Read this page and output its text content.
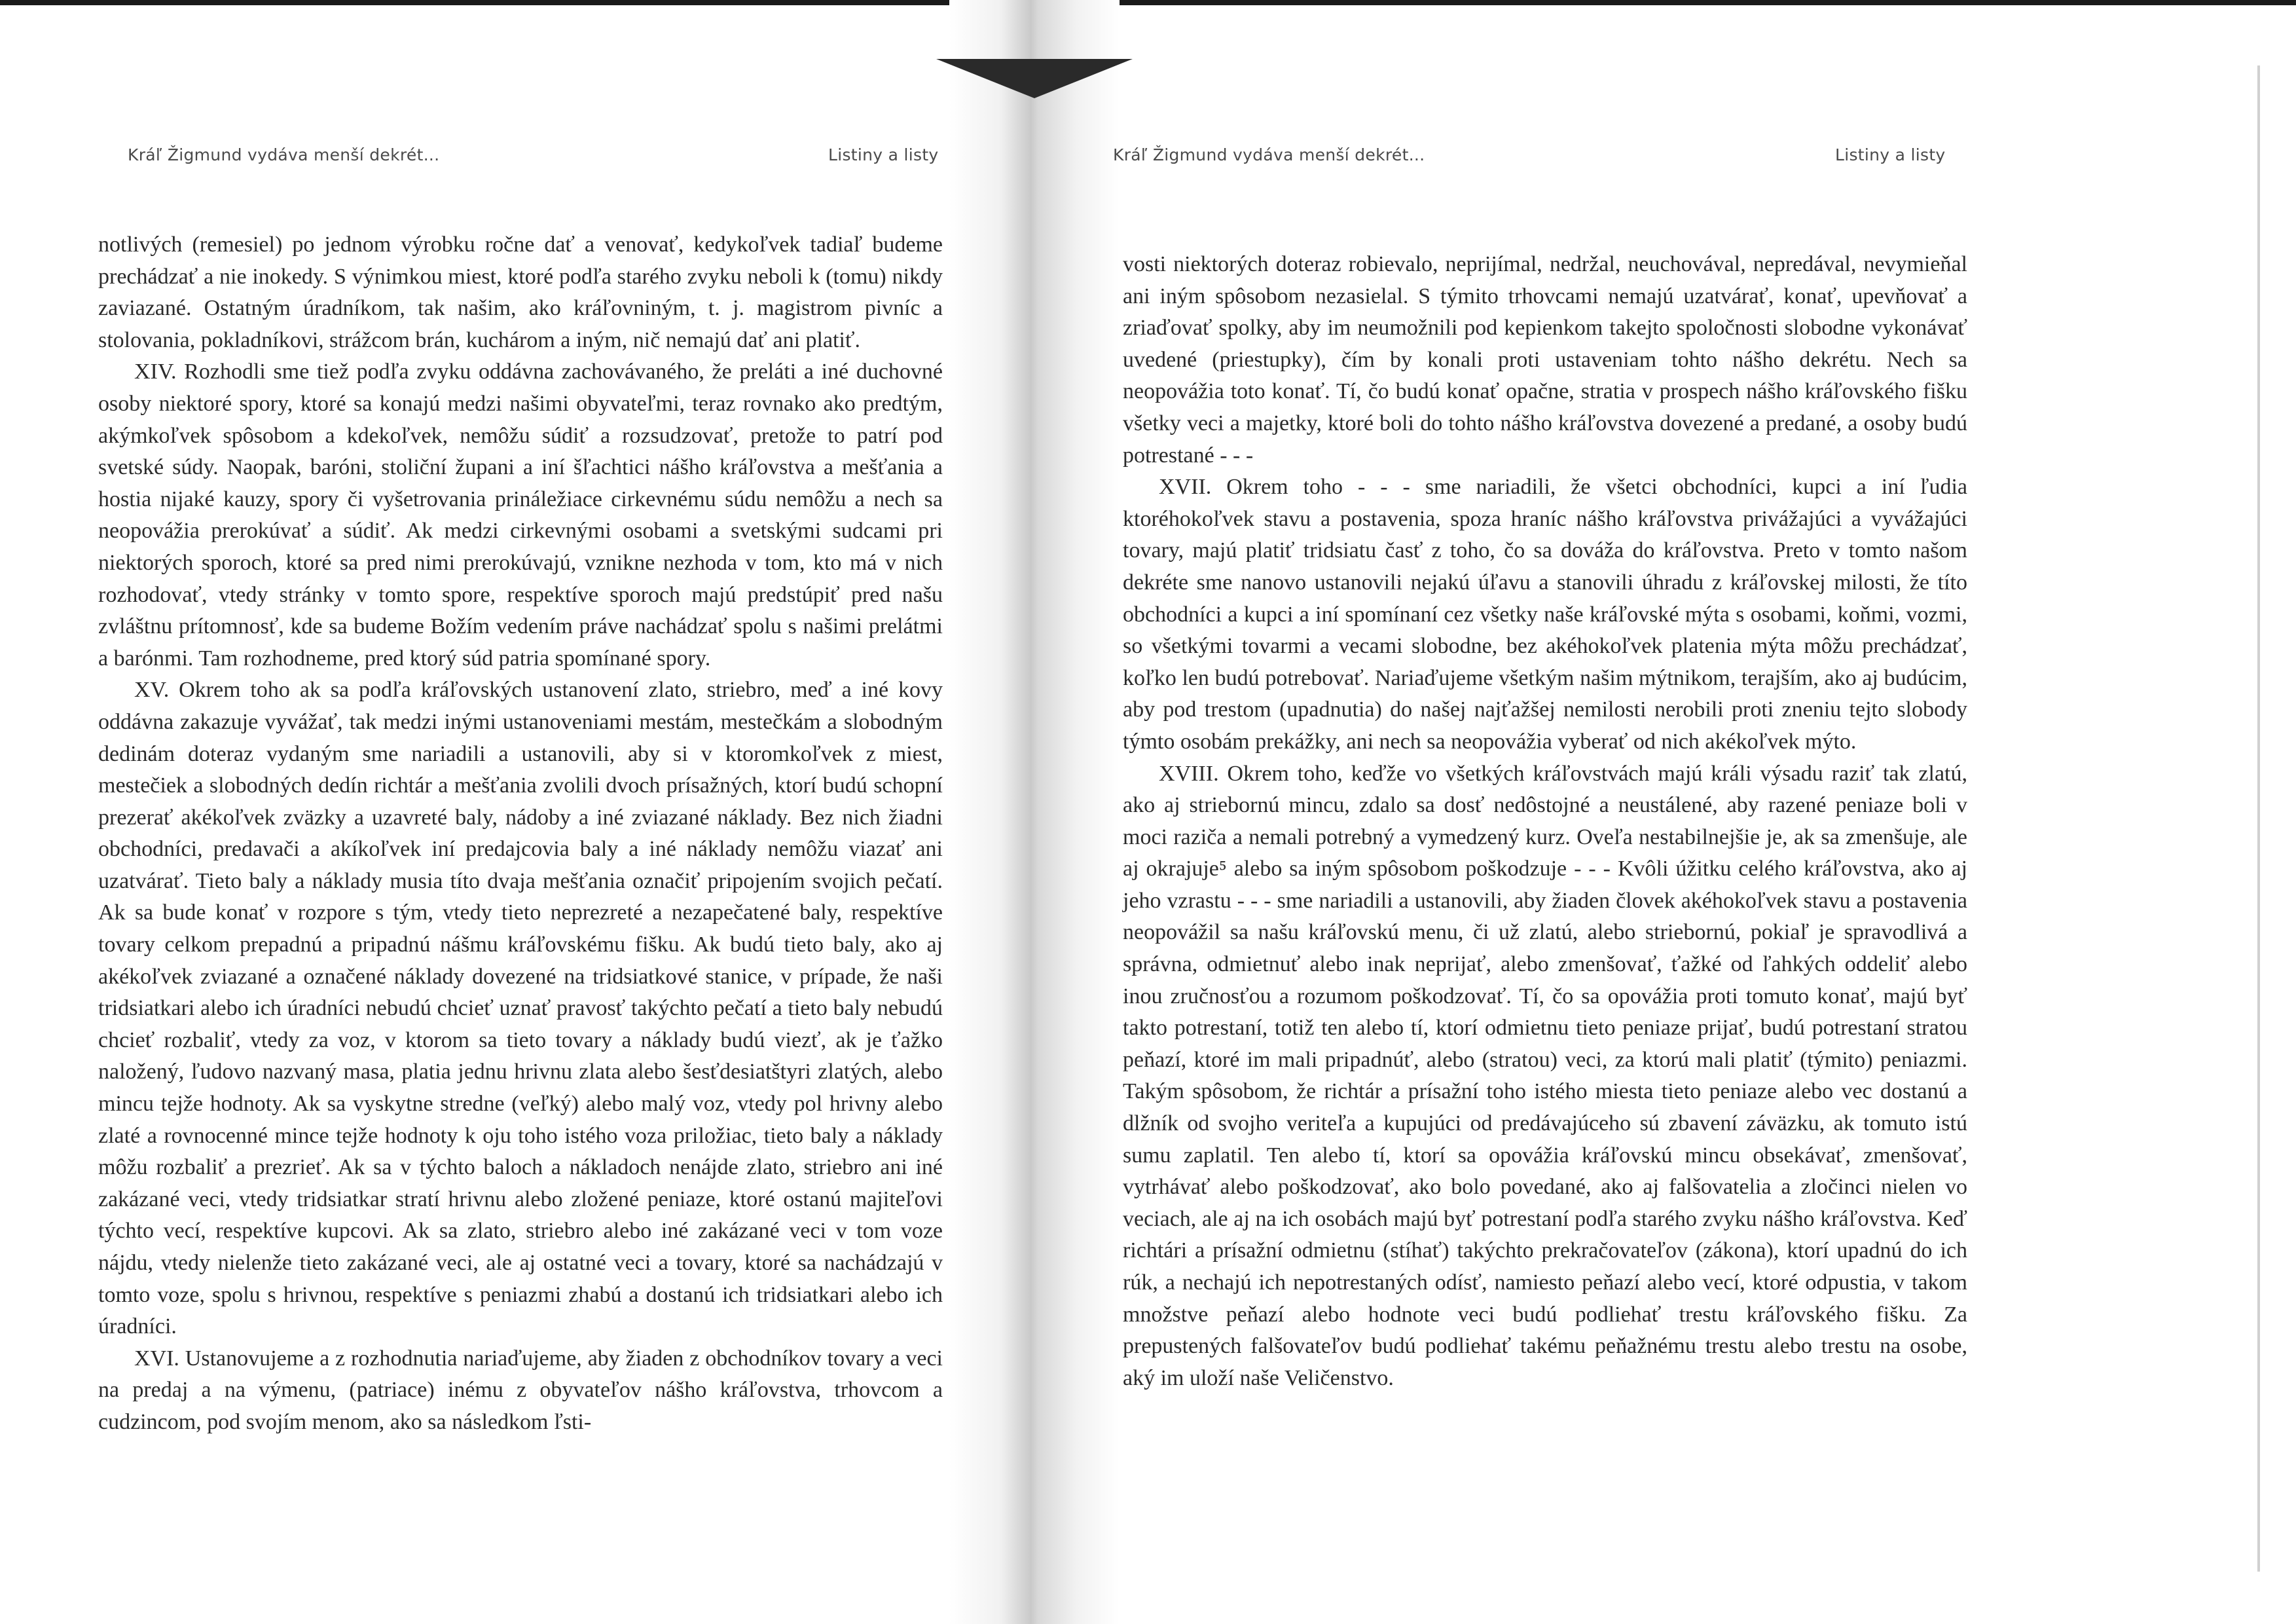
Kráľ Žigmund vydáva menší dekrét...	Listiny a listy

notlivých (remesiel) po jednom výrobku ročne dať a venovať, kedykoľvek tadiaľ budeme prechádzať a nie inokedy. S výnimkou miest, ktoré podľa starého zvyku neboli k (tomu) nikdy zaviazané. Ostatným úradníkom, tak našim, ako kráľovniným, t. j. magistrom pivníc a stolovania, pokladníkovi, strážcom brán, kuchárom a iným, nič nemajú dať ani platiť.

XIV. Rozhodli sme tiež podľa zvyku oddávna zachovávaného, že preláti a iné duchovné osoby niektoré spory, ktoré sa konajú medzi našimi obyvateľmi, teraz rovnako ako predtým, akýmkoľvek spôsobom a kdekoľvek, nemôžu súdiť a rozsudzovať, pretože to patrí pod svetské súdy. Naopak, baróni, stoliční župani a iní šľachtici nášho kráľovstva a mešťania a hostia nijaké kauzy, spory či vyšetrovania prináležiace cirkevnému súdu nemôžu a nech sa neopovážia prerokúvať a súdiť. Ak medzi cirkevnými osobami a svetskými sudcami pri niektorých sporoch, ktoré sa pred nimi prerokúvajú, vznikne nezhoda v tom, kto má v nich rozhodovať, vtedy stránky v tomto spore, respektíve sporoch majú predstúpiť pred našu zvláštnu prítomnosť, kde sa budeme Božím vedením práve nachádzať spolu s našimi prelátmi a barónmi. Tam rozhodneme, pred ktorý súd patria spomínané spory.

XV. Okrem toho ak sa podľa kráľovských ustanovení zlato, striebro, meď a iné kovy oddávna zakazuje vyvážať, tak medzi inými ustanoveniami mestám, mestečkám a slobodným dedinám doteraz vydaným sme nariadili a ustanovili, aby si v ktoromkoľvek z miest, mestečiek a slobodných dedín richtár a mešťania zvolili dvoch prísažných, ktorí budú schopní prezerať akékoľvek zväzky a uzavreté baly, nádoby a iné zviazané náklady. Bez nich žiadni obchodníci, predavači a akíkoľvek iní predajcovia baly a iné náklady nemôžu viazať ani uzatvárať. Tieto baly a náklady musia títo dvaja mešťania označiť pripojením svojich pečatí. Ak sa bude konať v rozpore s tým, vtedy tieto neprezreté a nezapečatené baly, respektíve tovary celkom prepadnú a pripadnú nášmu kráľovskému fišku. Ak budú tieto baly, ako aj akékoľvek zviazané a označené náklady dovezené na tridsiatkové stanice, v prípade, že naši tridsiatkari alebo ich úradníci nebudú chcieť uznať pravosť takýchto pečatí a tieto baly nebudú chcieť rozbaliť, vtedy za voz, v ktorom sa tieto tovary a náklady budú viezť, ak je ťažko naložený, ľudovo nazvaný masa, platia jednu hrivnu zlata alebo šesťdesiatštyri zlatých, alebo mincu tejže hodnoty. Ak sa vyskytne stredne (veľký) alebo malý voz, vtedy pol hrivny alebo zlaté a rovnocenné mince tejže hodnoty k oju toho istého voza priložiac, tieto baly a náklady môžu rozbaliť a prezrieť. Ak sa v týchto baloch a nákladoch nenájde zlato, striebro ani iné zakázané veci, vtedy tridsiatkar stratí hrivnu alebo zložené peniaze, ktoré ostanú majiteľovi týchto vecí, respektíve kupcovi. Ak sa zlato, striebro alebo iné zakázané veci v tom voze nájdu, vtedy nielenže tieto zakázané veci, ale aj ostatné veci a tovary, ktoré sa nachádzajú v tomto voze, spolu s hrivnou, respektíve s peniazmi zhabú a dostanú ich tridsiatkari alebo ich úradníci.

XVI. Ustanovujeme a z rozhodnutia nariaďujeme, aby žiaden z obchodníkov tovary a veci na predaj a na výmenu, (patriace) inému z obyvateľov nášho kráľovstva, trhovcom a cudzincom, pod svojím menom, ako sa následkom ľsti-

Kráľ Žigmund vydáva menší dekrét...	Listiny a listy

vosti niektorých doteraz robievalo, neprijímal, nedržal, neuchovával, nepredával, nevymieňal ani iným spôsobom nezasielal. S týmito trhovcami nemajú uzatvárať, konať, upevňovať a zriaďovať spolky, aby im neumožnili pod kepienkom takejto spoločnosti slobodne vykonávať uvedené (priestupky), čím by konali proti ustaveniam tohto nášho dekrétu. Nech sa neopovážia toto konať. Tí, čo budú konať opačne, stratia v prospech nášho kráľovského fišku všetky veci a majetky, ktoré boli do tohto nášho kráľovstva dovezené a predané, a osoby budú potrestané - - -

XVII. Okrem toho - - - sme nariadili, že všetci obchodníci, kupci a iní ľudia ktoréhokoľvek stavu a postavenia, spoza hraníc nášho kráľovstva privážajúci a vyvážajúci tovary, majú platiť tridsiatu časť z toho, čo sa dováža do kráľovstva. Preto v tomto našom dekréte sme nanovo ustanovili nejakú úľavu a stanovili úhradu z kráľovskej milosti, že títo obchodníci a kupci a iní spomínaní cez všetky naše kráľovské mýta s osobami, koňmi, vozmi, so všetkými tovarmi a vecami slobodne, bez akéhokoľvek platenia mýta môžu prechádzať, koľko len budú potrebovať. Nariaďujeme všetkým našim mýtnikom, terajším, ako aj budúcim, aby pod trestom (upadnutia) do našej najťažšej nemilosti nerobili proti zneniu tejto slobody týmto osobám prekážky, ani nech sa neopovážia vyberať od nich akékoľvek mýto.

XVIII. Okrem toho, keďže vo všetkých kráľovstvách majú králi výsadu raziť tak zlatú, ako aj striebornú mincu, zdalo sa dosť nedôstojné a neustálené, aby razené peniaze boli v moci raziča a nemali potrebný a vymedzený kurz. Oveľa nestabilnejšie je, ak sa zmenšuje, ale aj okrajuje⁵ alebo sa iným spôsobom poškodzuje - - - Kvôli úžitku celého kráľovstva, ako aj jeho vzrastu - - - sme nariadili a ustanovili, aby žiaden človek akéhokoľvek stavu a postavenia neopovážil sa našu kráľovskú menu, či už zlatú, alebo striebornú, pokiaľ je spravodlivá a správna, odmietnuť alebo inak neprijať, alebo zmenšovať, ťažké od ľahkých oddeliť alebo inou zručnosťou a rozumom poškodzovať. Tí, čo sa opovážia proti tomuto konať, majú byť takto potrestaní, totiž ten alebo tí, ktorí odmietnu tieto peniaze prijať, budú potrestaní stratou peňazí, ktoré im mali pripadnúť, alebo (stratou) veci, za ktorú mali platiť (týmito) peniazmi. Takým spôsobom, že richtár a prísažní toho istého miesta tieto peniaze alebo vec dostanú a dlžník od svojho veriteľa a kupujúci od predávajúceho sú zbavení záväzku, ak tomuto istú sumu zaplatil. Ten alebo tí, ktorí sa opovážia kráľovskú mincu obsekávať, zmenšovať, vytrhávať alebo poškodzovať, ako bolo povedané, ako aj falšovatelia a zločinci nielen vo veciach, ale aj na ich osobách majú byť potrestaní podľa starého zvyku nášho kráľovstva. Keď richtári a prísažní odmietnu (stíhať) takýchto prekračovateľov (zákona), ktorí upadnú do ich rúk, a nechajú ich nepotrestaných odísť, namiesto peňazí alebo vecí, ktoré odpustia, v takom množstve peňazí alebo hodnote veci budú podliehať trestu kráľovského fišku. Za prepustených falšovateľov budú podliehať takému peňažnému trestu alebo trestu na osobe, aký im uloží naše Veličenstvo.
